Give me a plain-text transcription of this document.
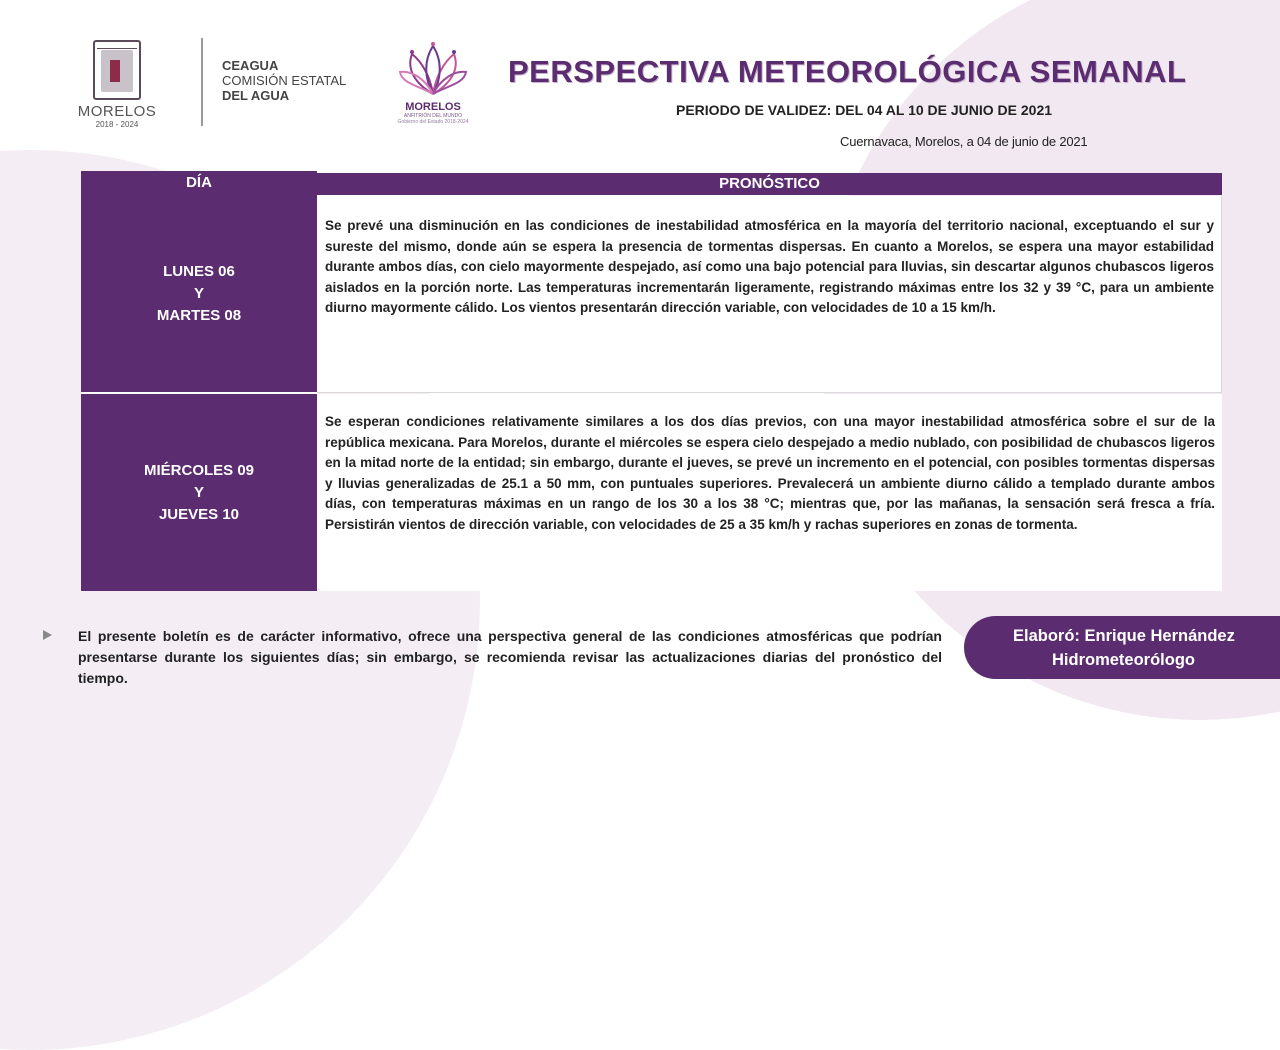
MORELOS
2018 - 2024
CEAGUA
COMISIÓN ESTATAL
DEL AGUA
MORELOS
ANFITRIÓN DEL MUNDO
Gobierno del Estado 2018-2024
PERSPECTIVA METEOROLÓGICA SEMANAL
PERIODO DE VALIDEZ: DEL 04 AL 10 DE JUNIO DE 2021
Cuernavaca, Morelos, a 04 de junio de 2021
DÍA	PRONÓSTICO
LUNES 06
Y
MARTES 08
Se prevé una disminución en las condiciones de inestabilidad atmosférica en la mayoría del territorio nacional, exceptuando el sur y sureste del mismo, donde aún se espera la presencia de tormentas dispersas. En cuanto a Morelos, se espera una mayor estabilidad durante ambos días, con cielo mayormente despejado, así como una bajo potencial para lluvias, sin descartar algunos chubascos ligeros aislados en la porción norte. Las temperaturas incrementarán ligeramente, registrando máximas entre los 32 y 39 °C, para un ambiente diurno mayormente cálido. Los vientos presentarán dirección variable, con velocidades de 10 a 15 km/h.
MIÉRCOLES 09
Y
JUEVES 10
Se esperan condiciones relativamente similares a los dos días previos, con una mayor inestabilidad atmosférica sobre el sur de la república mexicana. Para Morelos, durante el miércoles se espera cielo despejado a medio nublado, con posibilidad de chubascos ligeros en la mitad norte de la entidad; sin embargo, durante el jueves, se prevé un incremento en el potencial, con posibles tormentas dispersas y lluvias generalizadas de 25.1 a 50 mm, con puntuales superiores. Prevalecerá un ambiente diurno cálido a templado durante ambos días, con temperaturas máximas en un rango de los 30 a los 38 °C; mientras que, por las mañanas, la sensación será fresca a fría. Persistirán vientos de dirección variable, con velocidades de 25 a 35 km/h y rachas superiores en zonas de tormenta.
El presente boletín es de carácter informativo, ofrece una perspectiva general de las condiciones atmosféricas que podrían presentarse durante los siguientes días; sin embargo, se recomienda revisar las actualizaciones diarias del pronóstico del tiempo.
Elaboró: Enrique Hernández
Hidrometeorólogo
